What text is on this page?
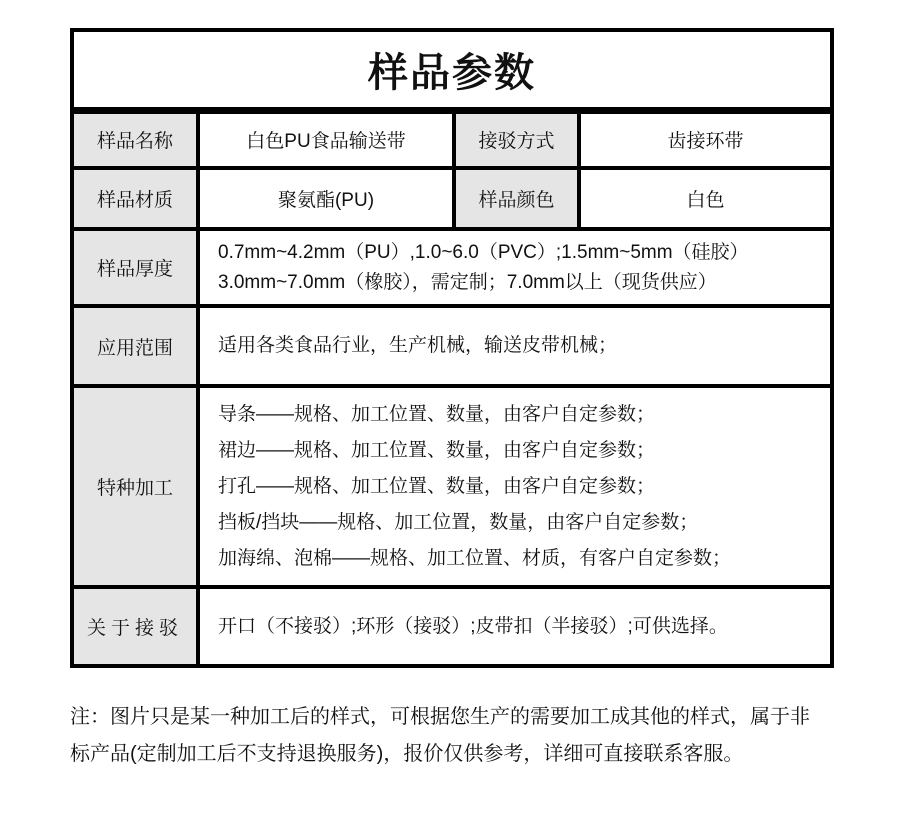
样品参数			
样品名称	白色PU食品输送带	接驳方式	齿接环带
样品材质	聚氨酯(PU)	样品颜色	白色
样品厚度	0.7mm~4.2mm（PU）,1.0~6.0（PVC）;1.5mm~5mm（硅胶）
3.0mm~7.0mm（橡胶），需定制；7.0mm以上（现货供应）		

应用范围	适用各类食品行业，生产机械，输送皮带机械；		

特种加工	导条——规格、加工位置、数量，由客户自定参数；
裙边——规格、加工位置、数量，由客户自定参数；
打孔——规格、加工位置、数量，由客户自定参数；
挡板/挡块——规格、加工位置，数量，由客户自定参数；
加海绵、泡棉——规格、加工位置、材质，有客户自定参数；		

关于接驳	开口（不接驳）;环形（接驳）;皮带扣（半接驳）;可供选择。		
注：图片只是某一种加工后的样式，可根据您生产的需要加工成其他的样式，属于非
标产品(定制加工后不支持退换服务)，报价仅供参考，详细可直接联系客服。
